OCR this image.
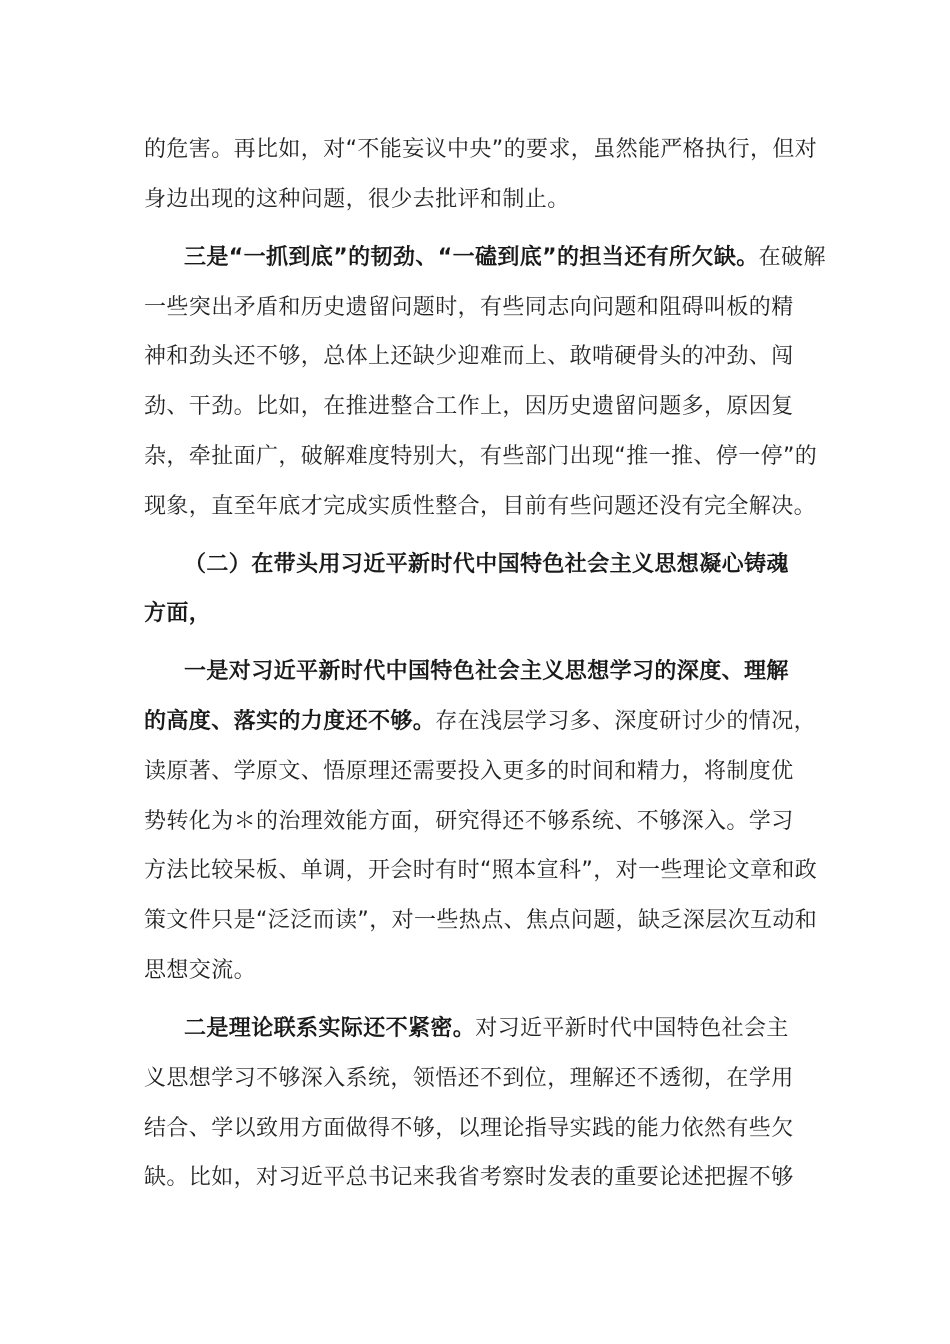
的危害。再比如，对“不能妄议中央”的要求，虽然能严格执行，但对
身边出现的这种问题，很少去批评和制止。
三是“一抓到底”的韧劲、“一磕到底”的担当还有所欠缺。在破解
一些突出矛盾和历史遗留问题时，有些同志向问题和阻碍叫板的精
神和劲头还不够，总体上还缺少迎难而上、敢啃硬骨头的冲劲、闯
劲、干劲。比如，在推进整合工作上，因历史遗留问题多，原因复
杂，牵扯面广，破解难度特别大，有些部门出现“推一推、停一停”的
现象，直至年底才完成实质性整合，目前有些问题还没有完全解决。
（二）在带头用习近平新时代中国特色社会主义思想凝心铸魂
方面，
一是对习近平新时代中国特色社会主义思想学习的深度、理解
的高度、落实的力度还不够。存在浅层学习多、深度研讨少的情况，
读原著、学原文、悟原理还需要投入更多的时间和精力，将制度优
势转化为＊的治理效能方面，研究得还不够系统、不够深入。学习
方法比较呆板、单调，开会时有时“照本宣科”，对一些理论文章和政
策文件只是“泛泛而读”，对一些热点、焦点问题，缺乏深层次互动和
思想交流。
二是理论联系实际还不紧密。对习近平新时代中国特色社会主
义思想学习不够深入系统，领悟还不到位，理解还不透彻，在学用
结合、学以致用方面做得不够，以理论指导实践的能力依然有些欠
缺。比如，对习近平总书记来我省考察时发表的重要论述把握不够
